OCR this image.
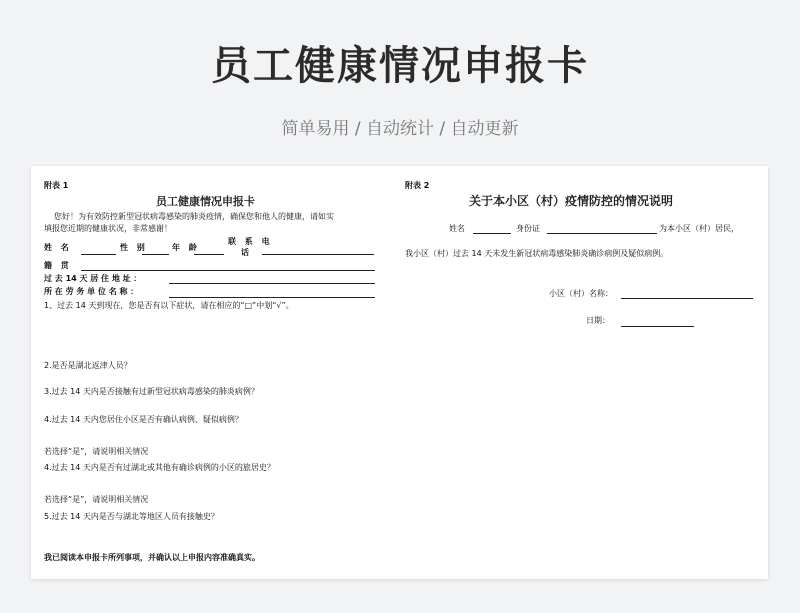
员工健康情况申报卡
简单易用 / 自动统计 / 自动更新
附表 1
员工健康情况申报卡
您好！为有效防控新型冠状病毒感染的肺炎疫情，确保您和他人的健康，请如实
填报您近期的健康状况，非常感谢！
姓 名	性 别	年 龄
联 系 电
话
籍 贯
过 去 14 天 居 住 地 址 ：
所 在 劳 务 单 位 名 称 ：
1、过去 14 天到现在，您是否有以下症状，请在相应的“□”中划“√”。
2.是否是湖北返津人员？
3.过去 14 天内是否接触有过新型冠状病毒感染的肺炎病例？
4.过去 14 天内您居住小区是否有确认病例、疑似病例？
若选择“是”，请说明相关情况
4.过去 14 天内是否有过湖北或其他有确诊病例的小区的旅居史？
若选择“是”，请说明相关情况
5.过去 14 天内是否与湖北等地区人员有接触史？
我已阅读本申报卡所列事项，并确认以上申报内容准确真实。
附表 2
关于本小区（村）疫情防控的情况说明
姓名	身份证	为本小区（村）居民，
我小区（村）过去 14 天未发生新冠状病毒感染肺炎确诊病例及疑似病例。
小区（村）名称：
日期：
